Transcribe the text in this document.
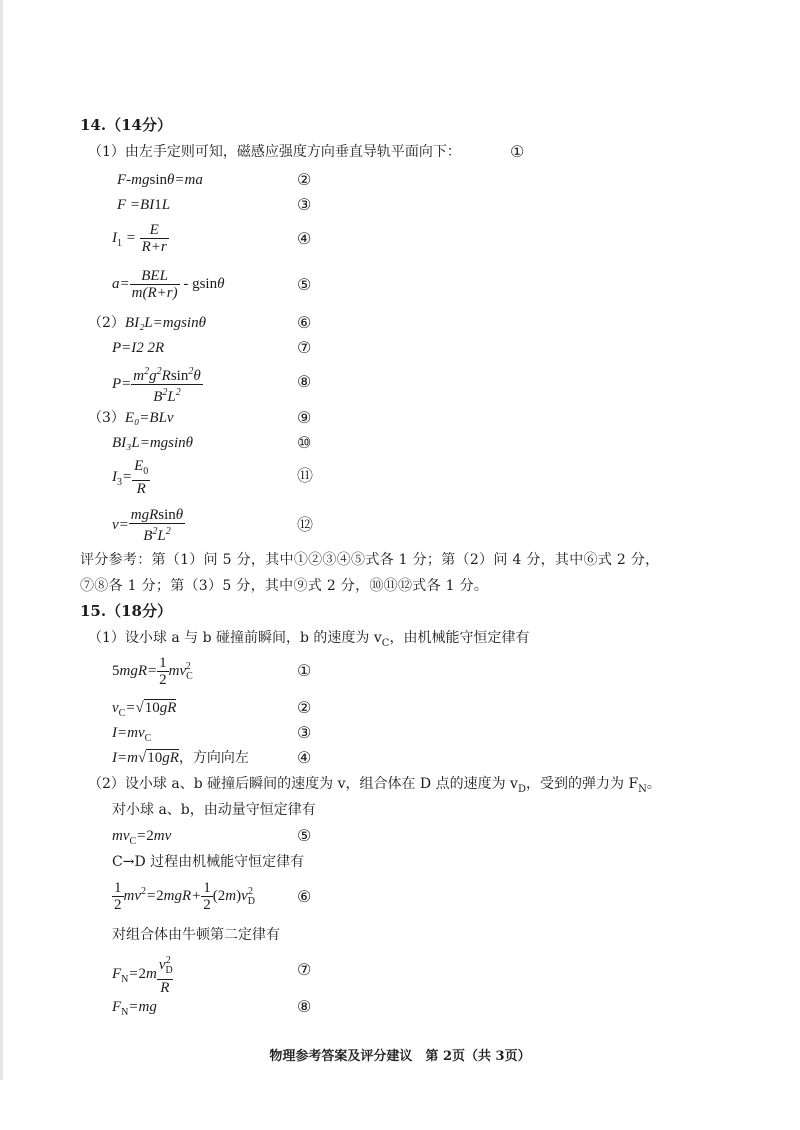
14.（14分）
（1）由左手定则可知，磁感应强度方向垂直导轨平面向下：	①
F-mgsinθ=ma	②
F =BI1L	③
$I_1 = \frac{E}{R+r}$	④
$a= \frac{\text{BEL}}{m(R+r)} - gsin\theta$	⑤
（2）BI₂L=mgsinθ	⑥
P=I2 2R	⑦
$P= \frac{m^2g^2Rsin^2\theta}{B^2L^2}$	⑧
（3）E₀=BLv	⑨
BI₃L=mgsinθ	⑩
$I_3= \frac{E_0}{R}$	⑪
$v= \frac{\text{mgRsinθ}}{B^2L^2}$	⑫
评分参考：第（1）问 5 分，其中①②③④⑤式各 1 分；第（2）问 4 分，其中⑥式 2 分，
⑦⑧各 1 分；第（3）5 分，其中⑨式 2 分，⑩⑪⑫式各 1 分。
15.（18分）
（1）设小球 a 与 b 碰撞前瞬间，b 的速度为 $v_C$，由机械能守恒定律有
$5mgR= \frac{1}{2} mv_C^2$	①
$v_C=√10gR$	②
$I=mv_C$	③
I=m√10gR，方向向左	④
（2）设小球 a、b 碰撞后瞬间的速度为 v，组合体在 D 点的速度为 $v_D$，受到的弹力为 $F_N$。
对小球 a、b，由动量守恒定律有
$mv_C=2mv$	⑤
C→D 过程由机械能守恒定律有
$\frac{1}{2} mv^2=2mgR+ \frac{1}{2} (2m)v_D^2$	⑥
对组合体由牛顿第二定律有
$F_N=2m \frac{v_D^2}{R}$	⑦
$F_N=mg$	⑧
物理参考答案及评分建议　第 2页（共 3页）
